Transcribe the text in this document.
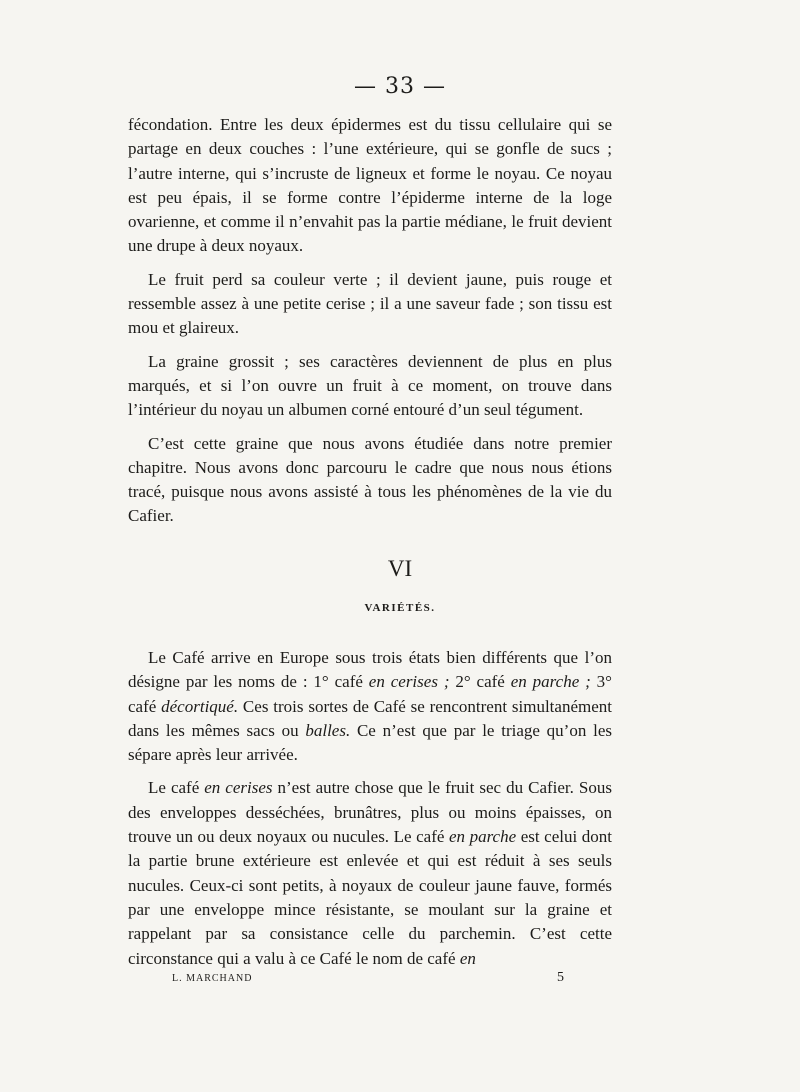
— 33 —

fécondation. Entre les deux épidermes est du tissu cellulaire qui se partage en deux couches : l’une extérieure, qui se gonfle de sucs ; l’autre interne, qui s’incruste de ligneux et forme le noyau. Ce noyau est peu épais, il se forme contre l’épiderme interne de la loge ovarienne, et comme il n’envahit pas la partie médiane, le fruit devient une drupe à deux noyaux.

Le fruit perd sa couleur verte ; il devient jaune, puis rouge et ressemble assez à une petite cerise ; il a une saveur fade ; son tissu est mou et glaireux.

La graine grossit ; ses caractères deviennent de plus en plus marqués, et si l’on ouvre un fruit à ce moment, on trouve dans l’intérieur du noyau un albumen corné entouré d’un seul tégument.

C’est cette graine que nous avons étudiée dans notre premier chapitre. Nous avons donc parcouru le cadre que nous nous étions tracé, puisque nous avons assisté à tous les phénomènes de la vie du Cafier.

VI
VARIÉTÉS.

Le Café arrive en Europe sous trois états bien différents que l’on désigne par les noms de : 1° café en cerises ; 2° café en parche ; 3° café décortiqué. Ces trois sortes de Café se rencontrent simultanément dans les mêmes sacs ou balles. Ce n’est que par le triage qu’on les sépare après leur arrivée.

Le café en cerises n’est autre chose que le fruit sec du Cafier. Sous des enveloppes desséchées, brunâtres, plus ou moins épaisses, on trouve un ou deux noyaux ou nucules. Le café en parche est celui dont la partie brune extérieure est enlevée et qui est réduit à ses seuls nucules. Ceux-ci sont petits, à noyaux de couleur jaune fauve, formés par une enveloppe mince résistante, se moulant sur la graine et rappelant par sa consistance celle du parchemin. C’est cette circonstance qui a valu à ce Café le nom de café en

L. MARCHAND	5
